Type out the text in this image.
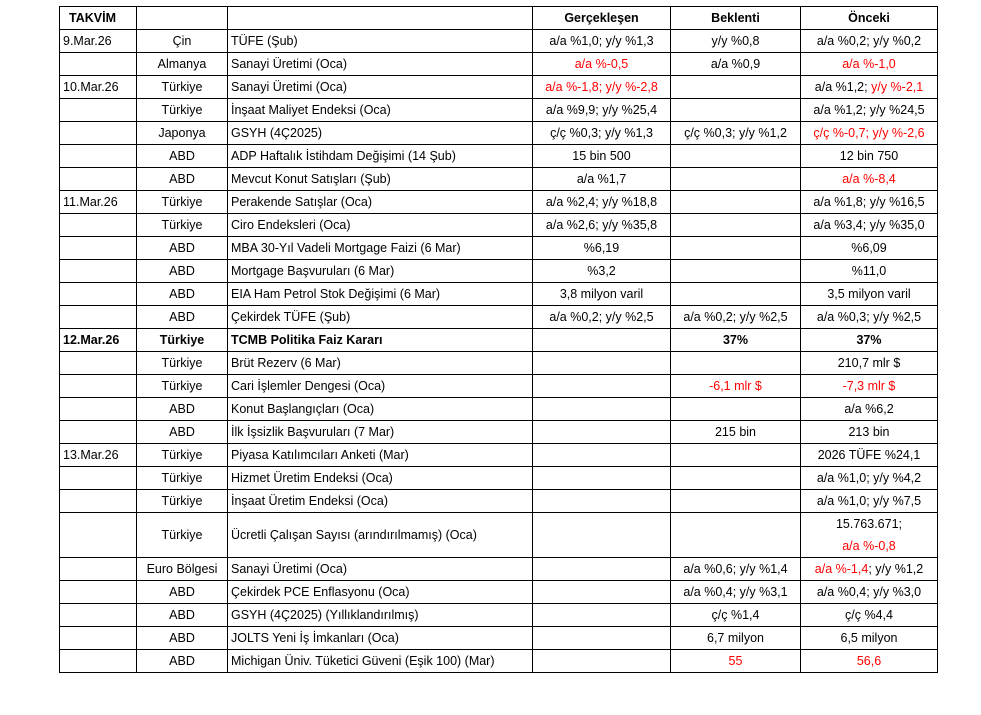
TAKVİM			Gerçekleşen	Beklenti	Önceki
9.Mar.26	Çin	TÜFE (Şub)	a/a %1,0; y/y %1,3	y/y %0,8	a/a %0,2; y/y %0,2
	Almanya	Sanayi Üretimi (Oca)	a/a %-0,5	a/a %0,9	a/a %-1,0
10.Mar.26	Türkiye	Sanayi Üretimi (Oca)	a/a %-1,8; y/y %-2,8		a/a %1,2; y/y %-2,1
	Türkiye	İnşaat Maliyet Endeksi (Oca)	a/a %9,9; y/y %25,4		a/a %1,2; y/y %24,5
	Japonya	GSYH (4Ç2025)	ç/ç %0,3; y/y %1,3	ç/ç %0,3; y/y %1,2	ç/ç %-0,7; y/y %-2,6
	ABD	ADP Haftalık İstihdam Değişimi (14 Şub)	15 bin 500		12 bin 750
	ABD	Mevcut Konut Satışları (Şub)	a/a %1,7		a/a %-8,4
11.Mar.26	Türkiye	Perakende Satışlar (Oca)	a/a %2,4; y/y %18,8		a/a %1,8; y/y %16,5
	Türkiye	Ciro Endeksleri (Oca)	a/a %2,6; y/y %35,8		a/a %3,4; y/y %35,0
	ABD	MBA 30-Yıl Vadeli Mortgage Faizi (6 Mar)	%6,19		%6,09
	ABD	Mortgage Başvuruları (6 Mar)	%3,2		%11,0
	ABD	EIA Ham Petrol Stok Değişimi (6 Mar)	3,8 milyon varil		3,5 milyon varil
	ABD	Çekirdek TÜFE (Şub)	a/a %0,2; y/y %2,5	a/a %0,2; y/y %2,5	a/a %0,3; y/y %2,5
12.Mar.26	Türkiye	TCMB Politika Faiz Kararı		37%	37%
	Türkiye	Brüt Rezerv (6 Mar)			210,7 mlr $
	Türkiye	Cari İşlemler Dengesi (Oca)		-6,1 mlr $	-7,3 mlr $
	ABD	Konut Başlangıçları (Oca)			a/a %6,2
	ABD	İlk İşsizlik Başvuruları (7 Mar)		215 bin	213 bin
13.Mar.26	Türkiye	Piyasa Katılımcıları Anketi (Mar)			2026 TÜFE %24,1
	Türkiye	Hizmet Üretim Endeksi (Oca)			a/a %1,0; y/y %4,2
	Türkiye	İnşaat Üretim Endeksi (Oca)			a/a %1,0; y/y %7,5
	Türkiye	Ücretli Çalışan Sayısı (arındırılmamış) (Oca)			15.763.671;
a/a %-0,8
	Euro Bölgesi	Sanayi Üretimi (Oca)		a/a %0,6; y/y %1,4	a/a %-1,4; y/y %1,2
	ABD	Çekirdek PCE Enflasyonu (Oca)		a/a %0,4; y/y %3,1	a/a %0,4; y/y %3,0
	ABD	GSYH (4Ç2025) (Yıllıklandırılmış)		ç/ç %1,4	ç/ç %4,4
	ABD	JOLTS Yeni İş İmkanları (Oca)		6,7 milyon	6,5 milyon
	ABD	Michigan Üniv. Tüketici Güveni (Eşik 100) (Mar)		55	56,6
